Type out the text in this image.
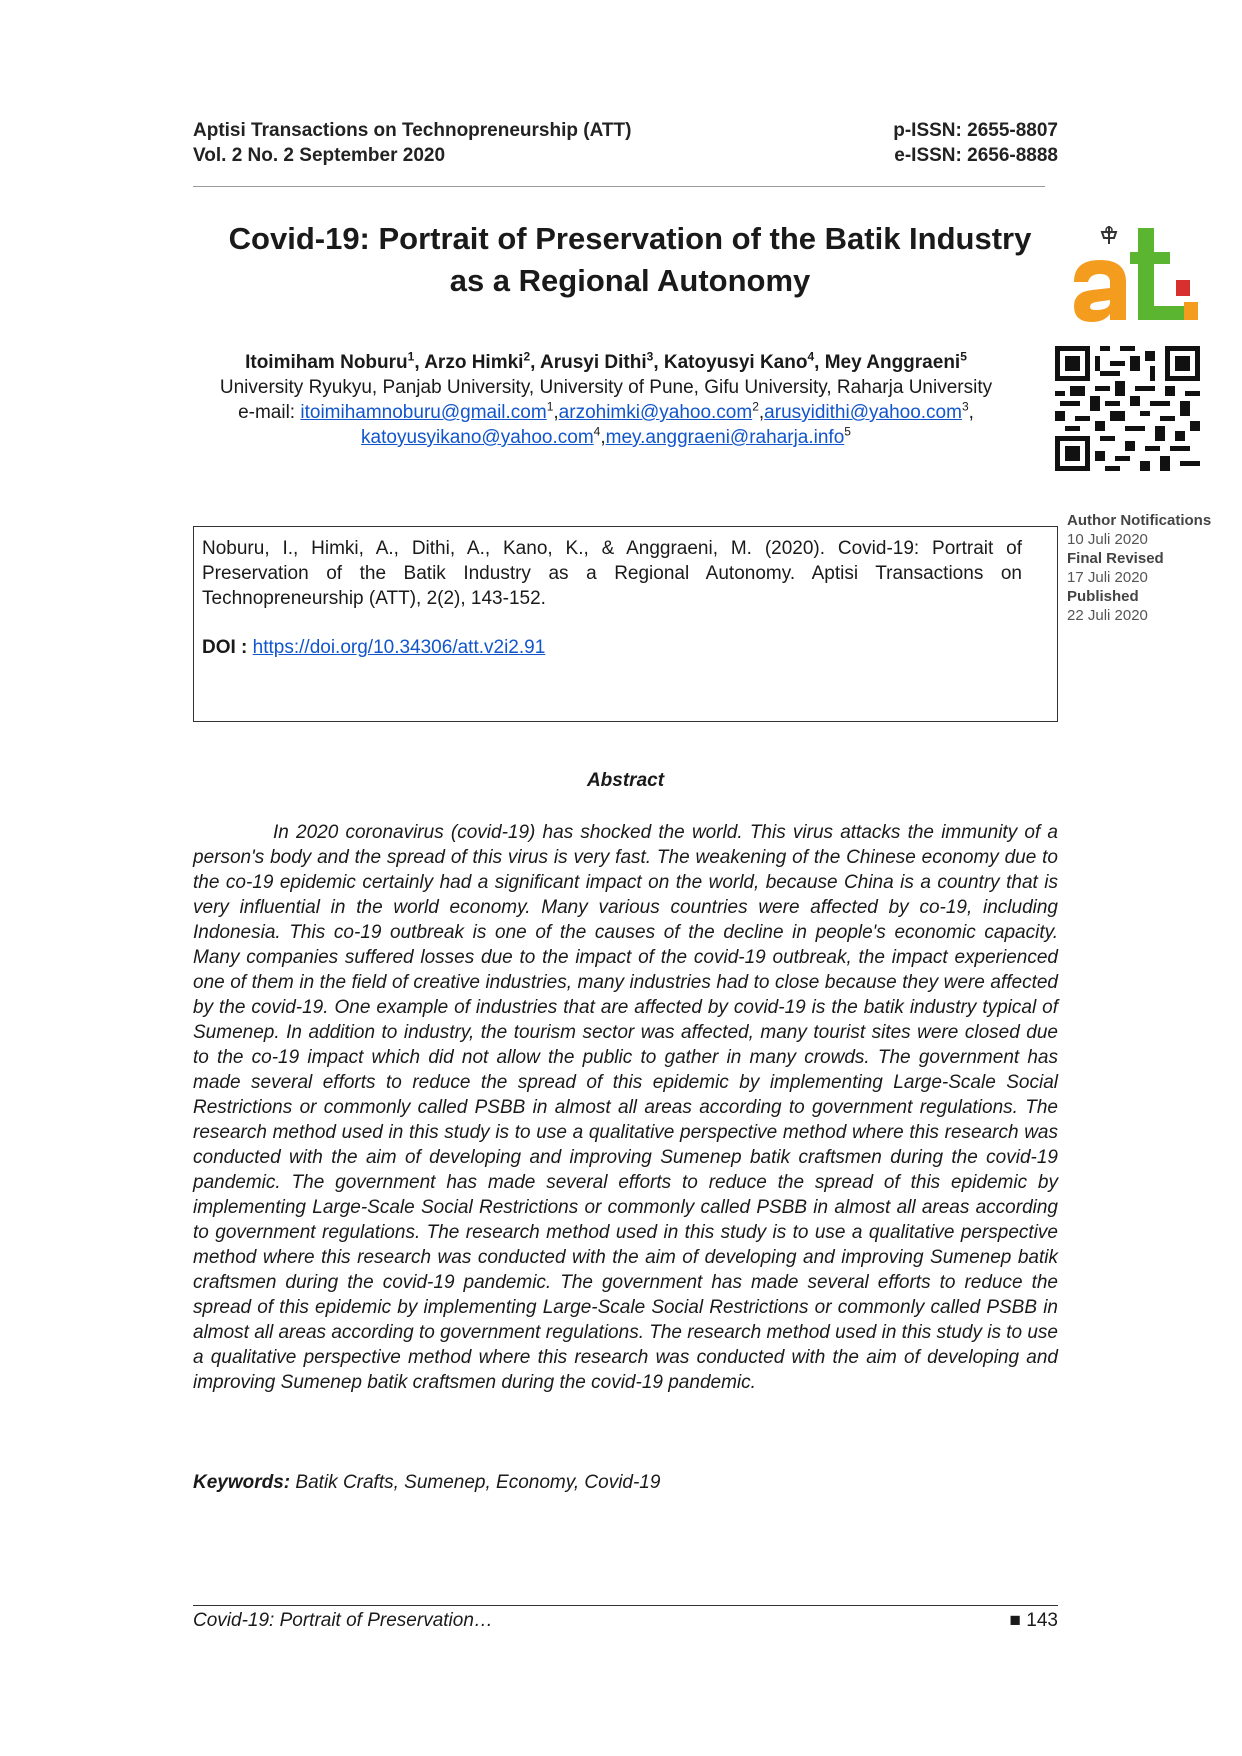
Aptisi Transactions on Technopreneurship (ATT)
Vol. 2 No. 2 September 2020
p-ISSN: 2655-8807
e-ISSN: 2656-8888
Covid-19: Portrait of Preservation of the Batik Industry
as a Regional Autonomy
Itoimiham Noburu$^1$, Arzo Himki$^2$, Arusyi Dithi$^3$, Katoyusyi Kano$^4$, Mey Anggraeni$^5$
University Ryukyu, Panjab University, University of Pune, Gifu University, Raharja University
e-mail: itoimihamnoburu@gmail.com$^1$,arzohimki@yahoo.com$^2$,arusyidithi@yahoo.com$^3$, katoyusyikano@yahoo.com$^4$,mey.anggraeni@raharja.info$^5$
Noburu, I., Himki, A., Dithi, A., Kano, K., & Anggraeni, M. (2020). Covid-19: Portrait of Preservation of the Batik Industry as a Regional Autonomy. Aptisi Transactions on Technopreneurship (ATT), 2(2), 143-152.
DOI : https://doi.org/10.34306/att.v2i2.91
Author Notifications
10 Juli 2020
Final Revised
17 Juli 2020
Published
22 Juli 2020
Abstract

In 2020 coronavirus (covid-19) has shocked the world. This virus attacks the immunity of a person's body and the spread of this virus is very fast. The weakening of the Chinese economy due to the co-19 epidemic certainly had a significant impact on the world, because China is a country that is very influential in the world economy. Many various countries were affected by co-19, including Indonesia. This co-19 outbreak is one of the causes of the decline in people's economic capacity. Many companies suffered losses due to the impact of the covid-19 outbreak, the impact experienced one of them in the field of creative industries, many industries had to close because they were affected by the covid-19. One example of industries that are affected by covid-19 is the batik industry typical of Sumenep. In addition to industry, the tourism sector was affected, many tourist sites were closed due to the co-19 impact which did not allow the public to gather in many crowds. The government has made several efforts to reduce the spread of this epidemic by implementing Large-Scale Social Restrictions or commonly called PSBB in almost all areas according to government regulations. The research method used in this study is to use a qualitative perspective method where this research was conducted with the aim of developing and improving Sumenep batik craftsmen during the covid-19 pandemic. The government has made several efforts to reduce the spread of this epidemic by implementing Large-Scale Social Restrictions or commonly called PSBB in almost all areas according to government regulations. The research method used in this study is to use a qualitative perspective method where this research was conducted with the aim of developing and improving Sumenep batik craftsmen during the covid-19 pandemic. The government has made several efforts to reduce the spread of this epidemic by implementing Large-Scale Social Restrictions or commonly called PSBB in almost all areas according to government regulations. The research method used in this study is to use a qualitative perspective method where this research was conducted with the aim of developing and improving Sumenep batik craftsmen during the covid-19 pandemic.

Keywords: Batik Crafts, Sumenep, Economy, Covid-19
Covid-19: Portrait of Preservation…	■ 143
